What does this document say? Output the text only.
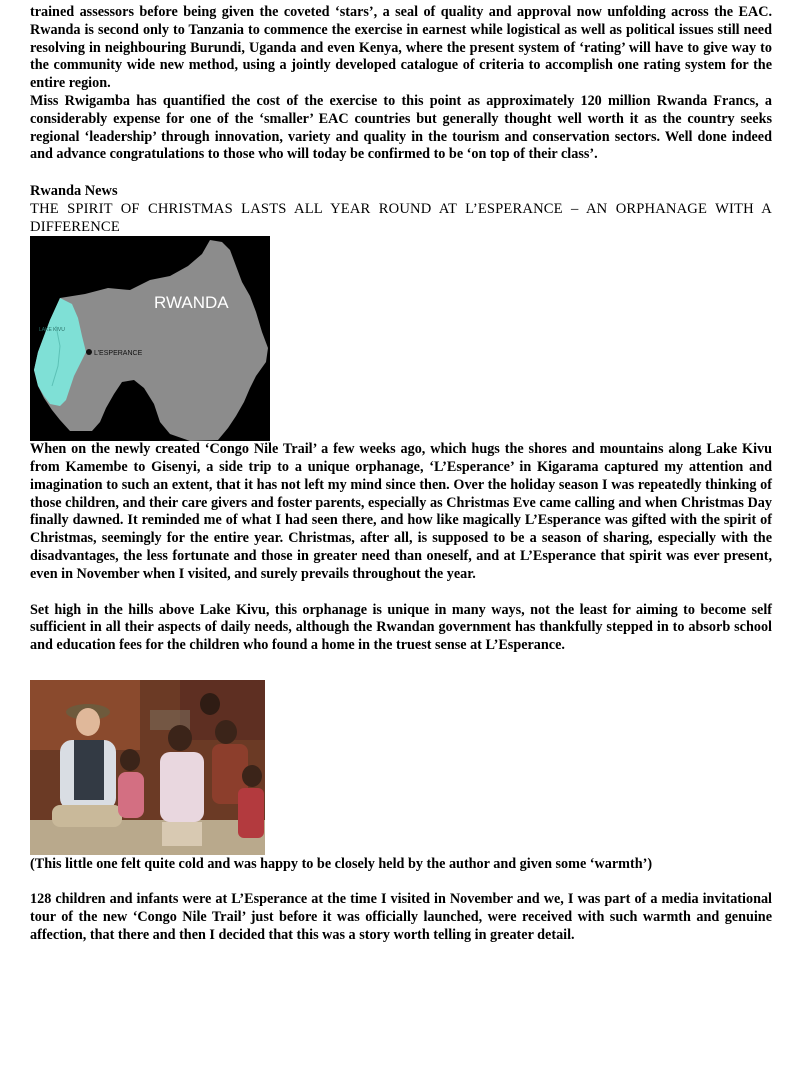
trained assessors before being given the coveted ‘stars’, a seal of quality and approval now unfolding across the EAC. Rwanda is second only to Tanzania to commence the exercise in earnest while logistical as well as political issues still need resolving in neighbouring Burundi, Uganda and even Kenya, where the present system of ‘rating’ will have to give way to the community wide new method, using a jointly developed catalogue of criteria to accomplish one rating system for the entire region.

Miss Rwigamba has quantified the cost of the exercise to this point as approximately 120 million Rwanda Francs, a considerably expense for one of the ‘smaller’ EAC countries but generally thought well worth it as the country seeks regional ‘leadership’ through innovation, variety and quality in the tourism and conservation sectors. Well done indeed and advance congratulations to those who will today be confirmed to be ‘on top of their class’.

Rwanda News

THE SPIRIT OF CHRISTMAS LASTS ALL YEAR ROUND AT L’ESPERANCE – AN ORPHANAGE WITH A DIFFERENCE

RWANDA
LAKE KIVU
L’ESPERANCE

When on the newly created ‘Congo Nile Trail’ a few weeks ago, which hugs the shores and mountains along Lake Kivu from Kamembe to Gisenyi, a side trip to a unique orphanage, ‘L’Esperance’ in Kigarama captured my attention and imagination to such an extent, that it has not left my mind since then. Over the holiday season I was repeatedly thinking of those children, and their care givers and foster parents, especially as Christmas Eve came calling and when Christmas Day finally dawned. It reminded me of what I had seen there, and how like magically L’Esperance was gifted with the spirit of Christmas, seemingly for the entire year. Christmas, after all, is supposed to be a season of sharing, especially with the disadvantages, the less fortunate and those in greater need than oneself, and at L’Esperance that spirit was ever present, even in November when I visited, and surely prevails throughout the year.

Set high in the hills above Lake Kivu, this orphanage is unique in many ways, not the least for aiming to become self sufficient in all their aspects of daily needs, although the Rwandan government has thankfully stepped in to absorb school and education fees for the children who found a home in the truest sense at L’Esperance.

(This little one felt quite cold and was happy to be closely held by the author and given some ‘warmth’)

128 children and infants were at L’Esperance at the time I visited in November and we, I was part of a media invitational tour of the new ‘Congo Nile Trail’ just before it was officially launched, were received with such warmth and genuine affection, that there and then I decided that this was a story worth telling in greater detail.
